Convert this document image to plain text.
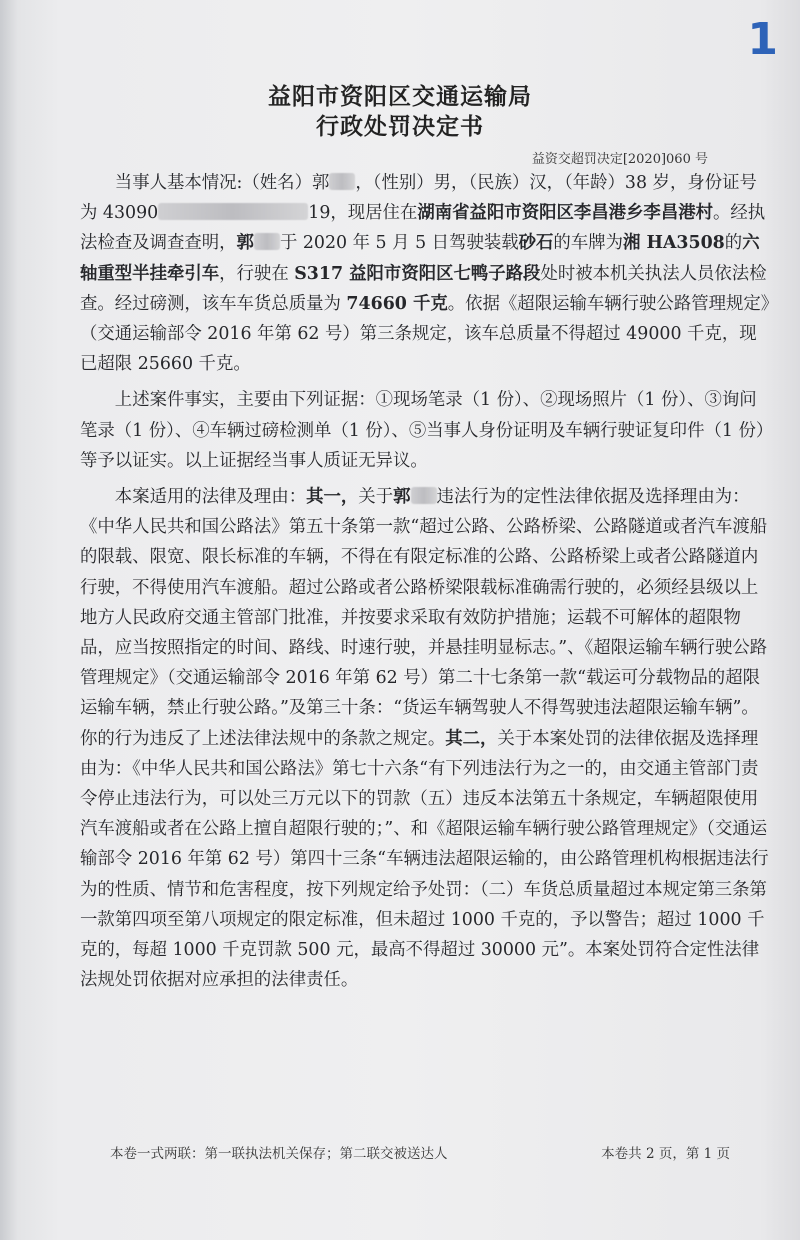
1
益阳市资阳区交通运输局
行政处罚决定书
益资交超罚决定[2020]060 号

当事人基本情况:（姓名）郭 ，（性别）男，（民族）汉，（年龄）38 岁，身份证号为 43090	19，现居住在湖南省益阳市资阳区李昌港乡李昌港村。经执法检查及调查查明，郭 于 2020 年 5 月 5 日驾驶装载砂石的车牌为湘 HA3508的六轴重型半挂牵引车，行驶在 S317 益阳市资阳区七鸭子路段处时被本机关执法人员依法检查。经过磅测，该车车货总质量为 74660 千克。依据《超限运输车辆行驶公路管理规定》（交通运输部令 2016 年第 62 号）第三条规定，该车总质量不得超过 49000 千克，现已超限 25660 千克。

上述案件事实，主要由下列证据：①现场笔录（1 份）、②现场照片（1 份）、③询问笔录（1 份）、④车辆过磅检测单（1 份）、⑤当事人身份证明及车辆行驶证复印件（1 份）等予以证实。以上证据经当事人质证无异议。

本案适用的法律及理由：其一，关于郭 违法行为的定性法律依据及选择理由为：《中华人民共和国公路法》第五十条第一款“超过公路、公路桥梁、公路隧道或者汽车渡船的限载、限宽、限长标准的车辆，不得在有限定标准的公路、公路桥梁上或者公路隧道内行驶，不得使用汽车渡船。超过公路或者公路桥梁限载标准确需行驶的，必须经县级以上地方人民政府交通主管部门批准，并按要求采取有效防护措施；运载不可解体的超限物品，应当按照指定的时间、路线、时速行驶，并悬挂明显标志。”、《超限运输车辆行驶公路管理规定》（交通运输部令 2016 年第 62 号）第二十七条第一款“载运可分载物品的超限运输车辆，禁止行驶公路。”及第三十条：“货运车辆驾驶人不得驾驶违法超限运输车辆”。你的行为违反了上述法律法规中的条款之规定。其二，关于本案处罚的法律依据及选择理由为：《中华人民共和国公路法》第七十六条“有下列违法行为之一的，由交通主管部门责令停止违法行为，可以处三万元以下的罚款（五）违反本法第五十条规定，车辆超限使用汽车渡船或者在公路上擅自超限行驶的；”、和《超限运输车辆行驶公路管理规定》（交通运输部令 2016 年第 62 号）第四十三条“车辆违法超限运输的，由公路管理机构根据违法行为的性质、情节和危害程度，按下列规定给予处罚：（二）车货总质量超过本规定第三条第一款第四项至第八项规定的限定标准，但未超过 1000 千克的，予以警告；超过 1000 千克的，每超 1000 千克罚款 500 元，最高不得超过 30000 元”。本案处罚符合定性法律法规处罚依据对应承担的法律责任。

本卷一式两联：第一联执法机关保存；第二联交被送达人	本卷共 2 页，第 1 页
